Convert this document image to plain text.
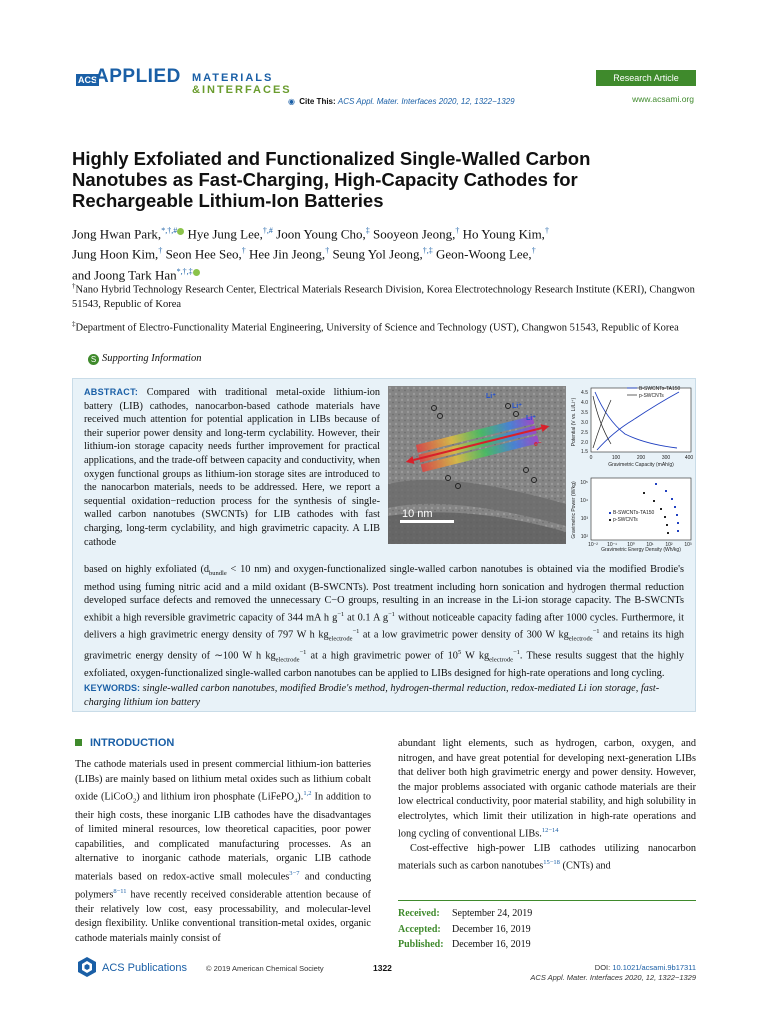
ACS
APPLIED MATERIALS
&INTERFACES
Research Article
www.acsami.org
◉ Cite This: ACS Appl. Mater. Interfaces 2020, 12, 1322−1329
Highly Exfoliated and Functionalized Single-Walled Carbon Nanotubes as Fast-Charging, High-Capacity Cathodes for Rechargeable Lithium-Ion Batteries
Jong Hwan Park,*,†,# Hye Jung Lee,†,# Joon Young Cho,‡ Sooyeon Jeong,† Ho Young Kim,†
Jung Hoon Kim,† Seon Hee Seo,† Hee Jin Jeong,† Seung Yol Jeong,†,‡ Geon-Woong Lee,†
and Joong Tark Han*,†,‡
†Nano Hybrid Technology Research Center, Electrical Materials Research Division, Korea Electrotechnology Research Institute (KERI), Changwon 51543, Republic of Korea
‡Department of Electro-Functionality Material Engineering, University of Science and Technology (UST), Changwon 51543, Republic of Korea
S Supporting Information
ABSTRACT: Compared with traditional metal-oxide lithium-ion battery (LIB) cathodes, nanocarbon-based cathode materials have received much attention for potential application in LIBs because of their superior power density and long-term cyclability. However, their lithium-ion storage capacity needs further improvement for practical applications, and the trade-off between capacity and conductivity, when oxygen functional groups as lithium-ion storage sites are introduced to the nanocarbon materials, needs to be addressed. Here, we report a sequential oxidation−reduction process for the synthesis of single-walled carbon nanotubes (SWCNTs) for LIB cathodes with fast charging, long-term cyclability, and high gravimetric capacity. A LIB cathode
Li⁺
Li⁺
Li⁺
e⁻
10 nm
4.5
4.0
3.5
3.0
2.5
2.0
1.5
0	100	200	300	400
Gravimetric Capacity (mAh/g)
Potential (V vs. Li/Li⁺)
B-SWCNTs-TA150
p-SWCNTs
10⁵
10⁴
10³
10²
10⁻² 10⁻¹ 10⁰ 10¹ 10² 10³
Gravimetric Energy Density (Wh/kg)
Gravimetric Power (W/kg)	B-SWCNTs-TA150
p-SWCNTs
based on highly exfoliated ($d_{bundle} < 10$ nm) and oxygen-functionalized single-walled carbon nanotubes is obtained via the modified Brodie's method using fuming nitric acid and a mild oxidant (B-SWCNTs). Post treatment including horn sonication and hydrogen thermal reduction developed surface defects and removed the unnecessary C−O groups, resulting in an increase in the Li-ion storage capacity. The B-SWCNTs exhibit a high reversible gravimetric capacity of 344 mA h $g^{-1}$ at 0.1 A $g^{-1}$ without noticeable capacity fading after 1000 cycles. Furthermore, it delivers a high gravimetric energy density of 797 W h $kg_{electrode}^{-1}$ at a low gravimetric power density of 300 W $kg_{electrode}^{-1}$ and retains its high gravimetric energy density of ∼100 W h $kg_{electrode}^{-1}$ at a high gravimetric power of $10^5$ W $kg_{electrode}^{-1}$. These results suggest that the highly exfoliated, oxygen-functionalized single-walled carbon nanotubes can be applied to LIBs designed for high-rate operations and long cycling.
KEYWORDS: single-walled carbon nanotubes, modified Brodie's method, hydrogen-thermal reduction, redox-mediated Li ion storage, fast-charging lithium ion battery
INTRODUCTION
The cathode materials used in present commercial lithium-ion batteries (LIBs) are mainly based on lithium metal oxides such as lithium cobalt oxide (LiCoO$_2$) and lithium iron phosphate (LiFePO$_4$).$^{1,2}$ In addition to their high costs, these inorganic LIB cathodes have the disadvantages of limited mineral resources, low theoretical capacities, poor power capabilities, and complicated manufacturing processes. As an alternative to inorganic cathode materials, organic LIB cathode materials based on redox-active small molecules$^{3-7}$ and conducting polymers$^{8-11}$ have recently received considerable attention because of their relatively low cost, easy processability, and molecular-level design flexibility. Unlike conventional transition-metal oxides, organic cathode materials mainly consist of
abundant light elements, such as hydrogen, carbon, oxygen, and nitrogen, and have great potential for developing next-generation LIBs that deliver both high gravimetric energy and power density. However, the major problems associated with organic cathode materials are their low electrical conductivity, poor material stability, and high solubility in electrolytes, which limit their utilization in high-rate operations and long cycling of conventional LIBs.$^{12-14}$
Cost-effective high-power LIB cathodes utilizing nanocarbon materials such as carbon nanotubes$^{15-18}$ (CNTs) and
Received: September 24, 2019
Accepted: December 16, 2019
Published: December 16, 2019
ACS Publications	© 2019 American Chemical Society	1322	DOI: 10.1021/acsami.9b17311
ACS Appl. Mater. Interfaces 2020, 12, 1322−1329
